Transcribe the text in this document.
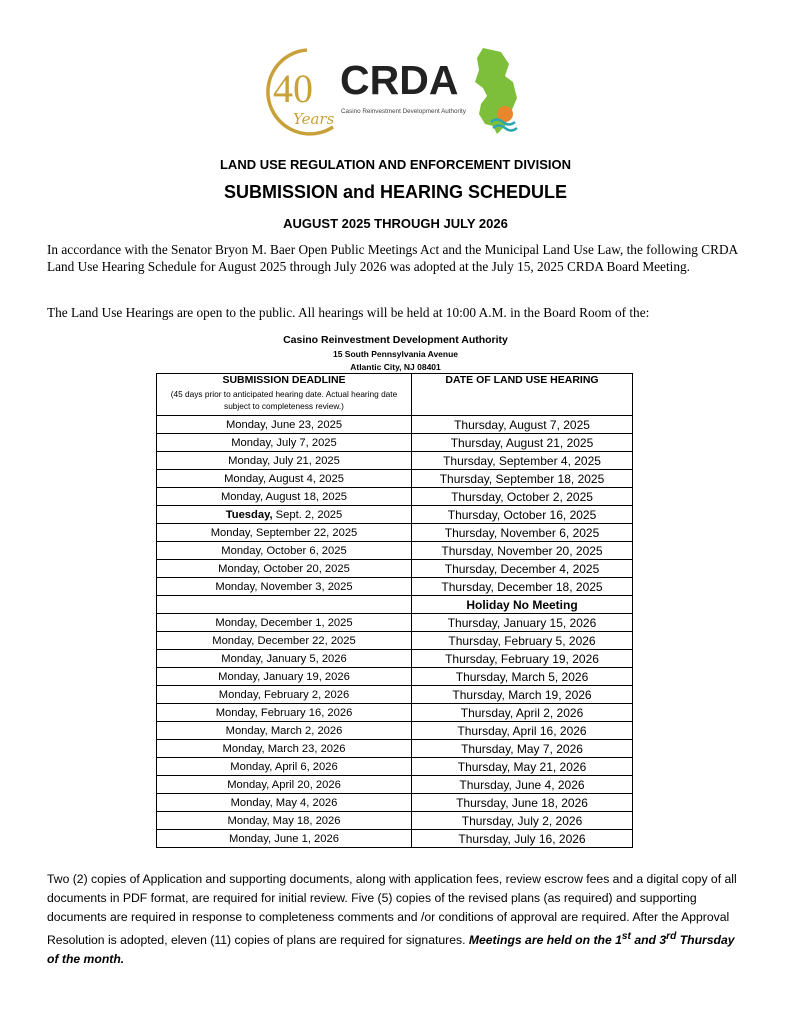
40
Years
CRDA
Casino Reinvestment Development Authority
LAND USE REGULATION AND ENFORCEMENT DIVISION
SUBMISSION and HEARING SCHEDULE
AUGUST 2025 THROUGH JULY 2026
In accordance with the Senator Bryon M. Baer Open Public Meetings Act and the Municipal Land Use Law, the following CRDA Land Use Hearing Schedule for August 2025 through July 2026 was adopted at the July 15, 2025 CRDA Board Meeting.
The Land Use Hearings are open to the public. All hearings will be held at 10:00 A.M. in the Board Room of the:
Casino Reinvestment Development Authority
15 South Pennsylvania Avenue
Atlantic City, NJ 08401
SUBMISSION DEADLINE
(45 days prior to anticipated hearing date. Actual hearing date subject to completeness review.)	DATE OF LAND USE HEARING
Monday, June 23, 2025	Thursday, August 7, 2025
Monday, July 7, 2025	Thursday, August 21, 2025
Monday, July 21, 2025	Thursday, September 4, 2025
Monday, August 4, 2025	Thursday, September 18, 2025
Monday, August 18, 2025	Thursday, October 2, 2025
Tuesday, Sept. 2, 2025	Thursday, October 16, 2025
Monday, September 22, 2025	Thursday, November 6, 2025
Monday, October 6, 2025	Thursday, November 20, 2025
Monday, October 20, 2025	Thursday, December 4, 2025
Monday, November 3, 2025	Thursday, December 18, 2025
	Holiday No Meeting
Monday, December 1, 2025	Thursday, January 15, 2026
Monday, December 22, 2025	Thursday, February 5, 2026
Monday, January 5, 2026	Thursday, February 19, 2026
Monday, January 19, 2026	Thursday, March 5, 2026
Monday, February 2, 2026	Thursday, March 19, 2026
Monday, February 16, 2026	Thursday, April 2, 2026
Monday, March 2, 2026	Thursday, April 16, 2026
Monday, March 23, 2026	Thursday, May 7, 2026
Monday, April 6, 2026	Thursday, May 21, 2026
Monday, April 20, 2026	Thursday, June 4, 2026
Monday, May 4, 2026	Thursday, June 18, 2026
Monday, May 18, 2026	Thursday, July 2, 2026
Monday, June 1, 2026	Thursday, July 16, 2026
Two (2) copies of Application and supporting documents, along with application fees, review escrow fees and a digital copy of all documents in PDF format, are required for initial review. Five (5) copies of the revised plans (as required) and supporting documents are required in response to completeness comments and /or conditions of approval are required. After the Approval Resolution is adopted, eleven (11) copies of plans are required for signatures. Meetings are held on the 1st and 3rd Thursday of the month.
